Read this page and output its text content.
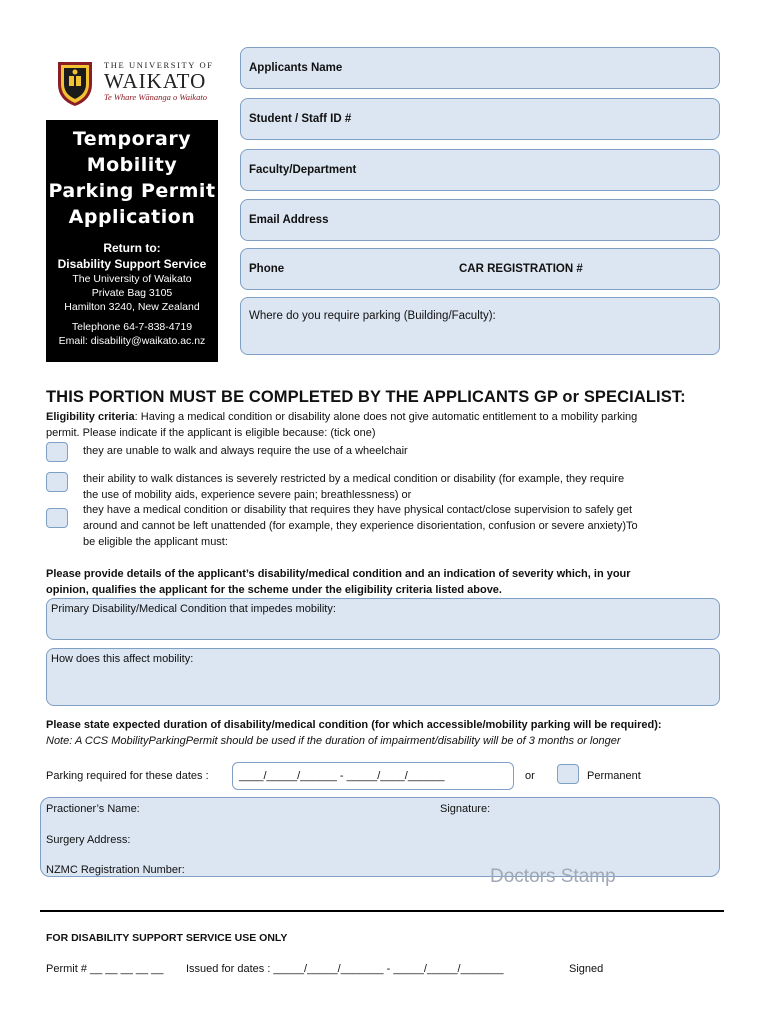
THE UNIVERSITY OF
WAIKATO
Te Whare Wānanga o Waikato
Temporary
Mobility
Parking Permit
Application
Return to:
Disability Support Service
The University of Waikato
Private Bag 3105
Hamilton 3240, New Zealand
Telephone 64-7-838-4719
Email: disability@waikato.ac.nz
Applicants Name
Student / Staff ID #
Faculty/Department
Email Address
Phone	CAR REGISTRATION #
Where do you require parking (Building/Faculty):
THIS PORTION MUST BE COMPLETED BY THE APPLICANTS GP or SPECIALIST:
Eligibility criteria: Having a medical condition or disability alone does not give automatic entitlement to a mobility parking
permit. Please indicate if the applicant is eligible because: (tick one)
they are unable to walk and always require the use of a wheelchair
their ability to walk distances is severely restricted by a medical condition or disability (for example, they require
the use of mobility aids, experience severe pain; breathlessness) or
they have a medical condition or disability that requires they have physical contact/close supervision to safely get
around and cannot be left unattended (for example, they experience disorientation, confusion or severe anxiety)To
be eligible the applicant must:
Please provide details of the applicant’s disability/medical condition and an indication of severity which, in your
opinion, qualifies the applicant for the scheme under the eligibility criteria listed above.
Primary Disability/Medical Condition that impedes mobility:
How does this affect mobility:
Please state expected duration of disability/medical condition (for which accessible/mobility parking will be required):
Note: A CCS MobilityParkingPermit should be used if the duration of impairment/disability will be of 3 months or longer
Parking required for these dates :	____/_____/______ - _____/____/______	or	Permanent
Practioner’s Name:	Signature:
Surgery Address:
NZMC Registration Number:	Doctors Stamp
FOR DISABILITY SUPPORT SERVICE USE ONLY
Permit # __ __ __ __ __ Issued for dates : _____/_____/_______ - _____/_____/_______	Signed
